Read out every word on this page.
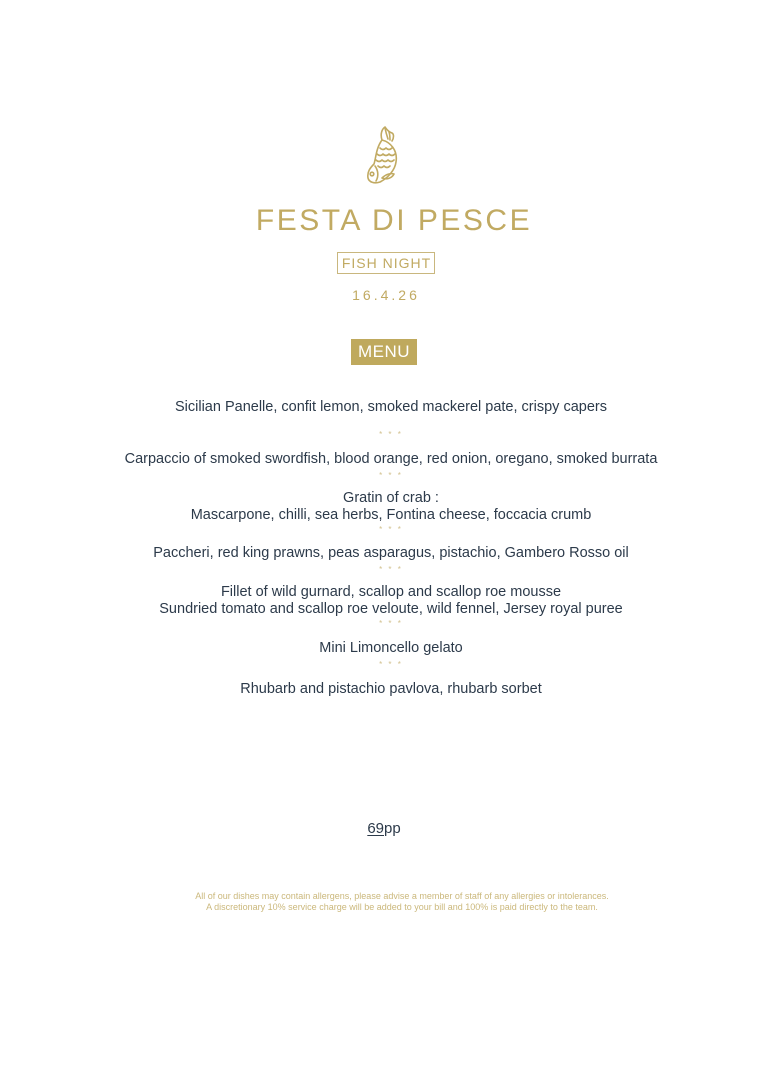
FESTA DI PESCE
FISH NIGHT
16.4.26
MENU
Sicilian Panelle, confit lemon, smoked mackerel pate, crispy capers
* * *
Carpaccio of smoked swordfish, blood orange, red onion, oregano, smoked burrata
* * *
Gratin of crab :
Mascarpone, chilli, sea herbs, Fontina cheese, foccacia crumb
* * *
Paccheri, red king prawns, peas asparagus, pistachio, Gambero Rosso oil
* * *
Fillet of wild gurnard, scallop and scallop roe mousse
Sundried tomato and scallop roe veloute, wild fennel, Jersey royal puree
* * *
Mini Limoncello gelato
* * *
Rhubarb and pistachio pavlova, rhubarb sorbet
69pp
All of our dishes may contain allergens, please advise a member of staff of any allergies or intolerances.
A discretionary 10% service charge will be added to your bill and 100% is paid directly to the team.
